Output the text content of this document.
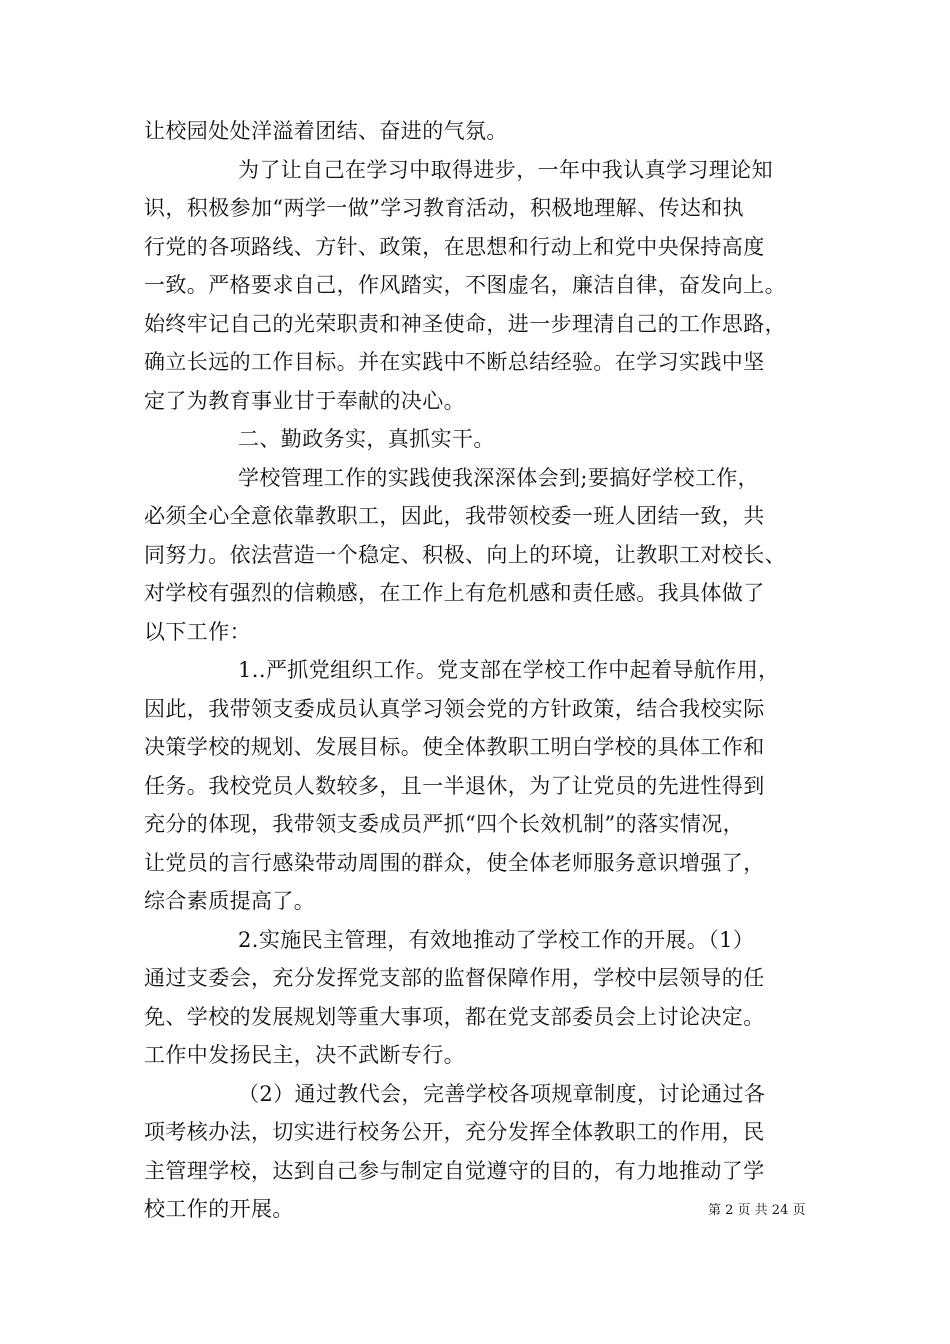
让校园处处洋溢着团结、奋进的气氛。
为了让自己在学习中取得进步，一年中我认真学习理论知
识，积极参加“两学一做”学习教育活动，积极地理解、传达和执
行党的各项路线、方针、政策，在思想和行动上和党中央保持高度
一致。严格要求自己，作风踏实，不图虚名，廉洁自律，奋发向上。
始终牢记自己的光荣职责和神圣使命，进一步理清自己的工作思路，
确立长远的工作目标。并在实践中不断总结经验。在学习实践中坚
定了为教育事业甘于奉献的决心。
二、勤政务实，真抓实干。
学校管理工作的实践使我深深体会到;要搞好学校工作，
必须全心全意依靠教职工，因此，我带领校委一班人团结一致，共
同努力。依法营造一个稳定、积极、向上的环境，让教职工对校长、
对学校有强烈的信赖感，在工作上有危机感和责任感。我具体做了
以下工作：
1..严抓党组织工作。党支部在学校工作中起着导航作用，
因此，我带领支委成员认真学习领会党的方针政策，结合我校实际
决策学校的规划、发展目标。使全体教职工明白学校的具体工作和
任务。我校党员人数较多，且一半退休，为了让党员的先进性得到
充分的体现，我带领支委成员严抓“四个长效机制”的落实情况，
让党员的言行感染带动周围的群众，使全体老师服务意识增强了，
综合素质提高了。
2.实施民主管理，有效地推动了学校工作的开展。（1）
通过支委会，充分发挥党支部的监督保障作用，学校中层领导的任
免、学校的发展规划等重大事项，都在党支部委员会上讨论决定。
工作中发扬民主，决不武断专行。
（2）通过教代会，完善学校各项规章制度，讨论通过各
项考核办法，切实进行校务公开，充分发挥全体教职工的作用，民
主管理学校，达到自己参与制定自觉遵守的目的，有力地推动了学
校工作的开展。	第 2 页 共 24 页
